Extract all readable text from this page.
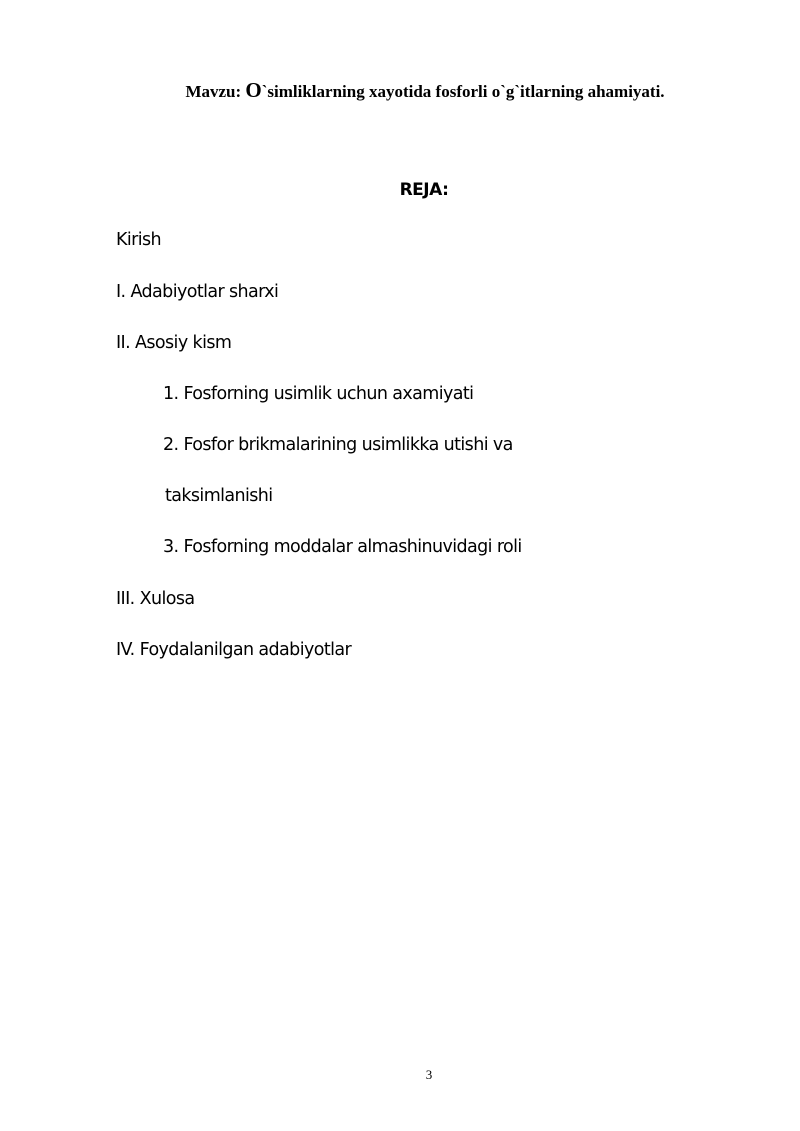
Mavzu: O`simliklarning xayotida fosforli o`g`itlarning ahamiyati.
REJA:
Kirish
I. Adabiyotlar sharxi
II. Asosiy kism
1. Fosforning usimlik uchun axamiyati
2. Fosfor brikmalarining usimlikka utishi va
taksimlanishi
3. Fosforning moddalar almashinuvidagi roli
III. Xulosa
IV. Foydalanilgan adabiyotlar
3
